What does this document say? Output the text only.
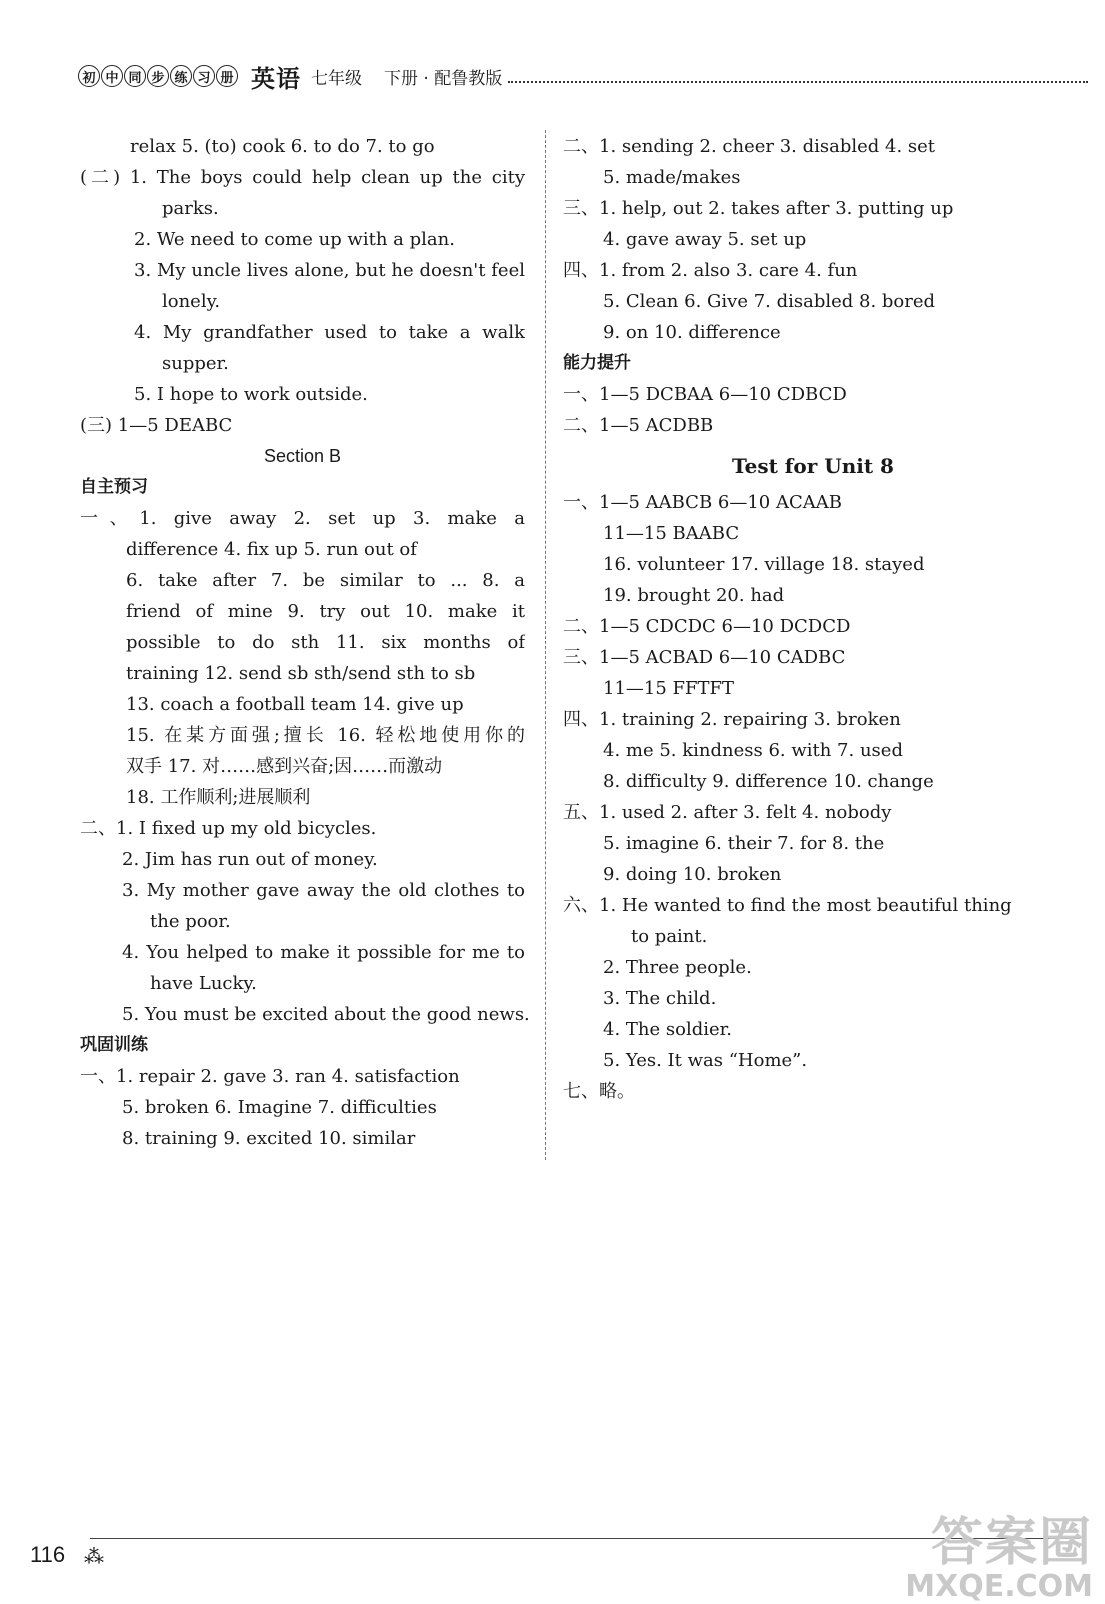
初 中 同 步 练 习 册 英语 七年级 下册 · 配鲁教版
relax 5. (to) cook 6. to do 7. to go
(二) 1. The boys could help clean up the city
parks.
2. We need to come up with a plan.
3. My uncle lives alone, but he doesn't feel
lonely.
4. My grandfather used to take a walk
supper.
5. I hope to work outside.
(三) 1—5 DEABC
Section B
自主预习
一、1. give away 2. set up 3. make a
difference 4. fix up 5. run out of
6. take after 7. be similar to ... 8. a
friend of mine 9. try out 10. make it
possible to do sth 11. six months of
training 12. send sb sth/send sth to sb
13. coach a football team 14. give up
15. 在某方面强;擅长 16. 轻松地使用你的
双手 17. 对……感到兴奋;因……而激动
18. 工作顺利;进展顺利
二、1. I fixed up my old bicycles.
2. Jim has run out of money.
3. My mother gave away the old clothes to
the poor.
4. You helped to make it possible for me to
have Lucky.
5. You must be excited about the good news.
巩固训练
一、1. repair 2. gave 3. ran 4. satisfaction
5. broken 6. Imagine 7. difficulties
8. training 9. excited 10. similar
二、1. sending 2. cheer 3. disabled 4. set
5. made/makes
三、1. help, out 2. takes after 3. putting up
4. gave away 5. set up
四、1. from 2. also 3. care 4. fun
5. Clean 6. Give 7. disabled 8. bored
9. on 10. difference
能力提升
一、1—5 DCBAA 6—10 CDBCD
二、1—5 ACDBB
Test for Unit 8
一、1—5 AABCB 6—10 ACAAB
11—15 BAABC
16. volunteer 17. village 18. stayed
19. brought 20. had
二、1—5 CDCDC 6—10 DCDCD
三、1—5 ACBAD 6—10 CADBC
11—15 FFTFT
四、1. training 2. repairing 3. broken
4. me 5. kindness 6. with 7. used
8. difficulty 9. difference 10. change
五、1. used 2. after 3. felt 4. nobody
5. imagine 6. their 7. for 8. the
9. doing 10. broken
六、1. He wanted to find the most beautiful thing
to paint.
2. Three people.
3. The child.
4. The soldier.
5. Yes. It was “Home”.
七、略。
116 ⁂	答案圈
MXQE.COM
